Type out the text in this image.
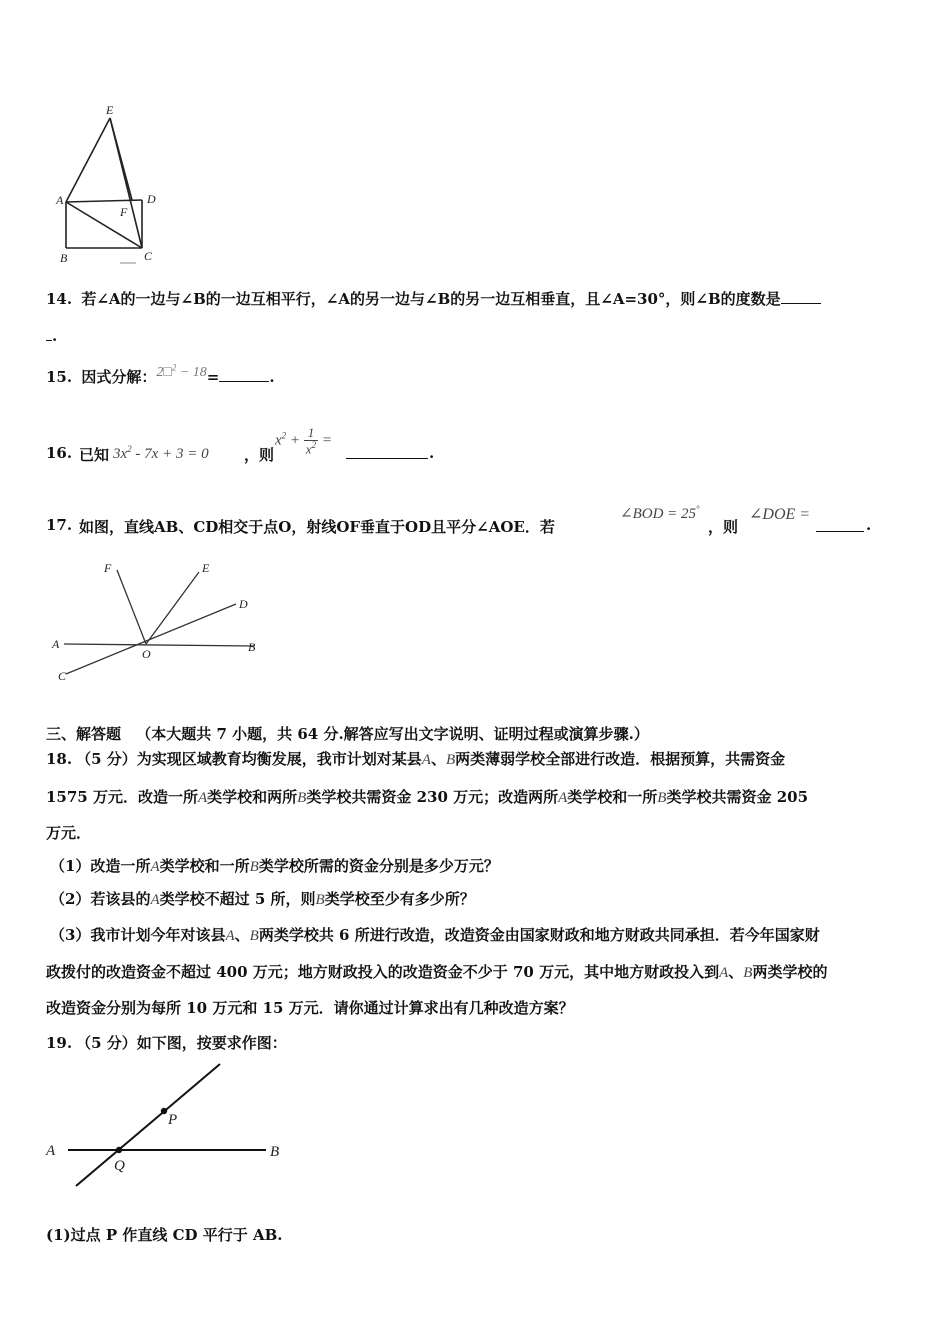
E
A	D
F
B	C
14. 若∠A的一边与∠B的一边互相平行，∠A的另一边与∠B的另一边互相垂直，且∠A=30°，则∠B的度数是
.
15. 因式分解：2□$^2$ − 18=	.
16. 已知 $3x^2 - 7x + 3 = 0$ ，则
$x^2 + \frac{1}{x^2}$ =
.
17. 如图，直线AB、CD相交于点O，射线OF垂直于OD且平分∠AOE．若
∠BOD = 25°
，则
∠DOE =
.
F	E
D
A
O	B
C
三、解答题 （本大题共 7 小题，共 64 分.解答应写出文字说明、证明过程或演算步骤.）
18. （5 分）为实现区域教育均衡发展，我市计划对某县A、B两类薄弱学校全部进行改造．根据预算，共需资金
1575 万元．改造一所A类学校和两所B类学校共需资金 230 万元；改造两所A类学校和一所B类学校共需资金 205
万元．
（1）改造一所A类学校和一所B类学校所需的资金分别是多少万元？
（2）若该县的A类学校不超过 5 所，则B类学校至少有多少所？
（3）我市计划今年对该县A、B两类学校共 6 所进行改造，改造资金由国家财政和地方财政共同承担．若今年国家财
政拨付的改造资金不超过 400 万元；地方财政投入的改造资金不少于 70 万元，其中地方财政投入到A、B两类学校的
改造资金分别为每所 10 万元和 15 万元．请你通过计算求出有几种改造方案？
19. （5 分）如下图，按要求作图：
A	B
P
Q
(1)过点 P 作直线 CD 平行于 AB.
